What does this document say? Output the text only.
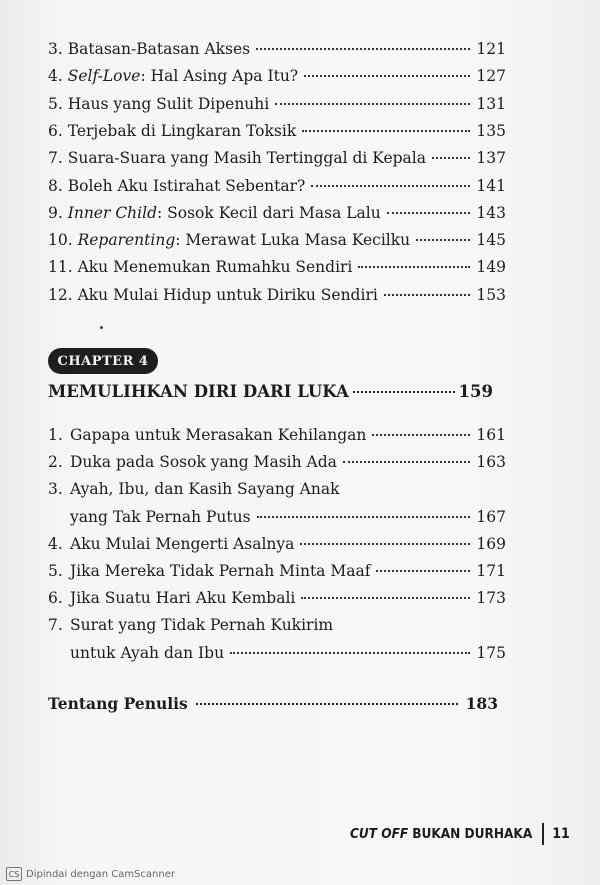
3. Batasan-Batasan Akses	121
4. Self-Love: Hal Asing Apa Itu?	127
5. Haus yang Sulit Dipenuhi	131
6. Terjebak di Lingkaran Toksik	135
7. Suara-Suara yang Masih Tertinggal di Kepala	137
8. Boleh Aku Istirahat Sebentar?	141
9. Inner Child: Sosok Kecil dari Masa Lalu	143
10. Reparenting: Merawat Luka Masa Kecilku	145
11. Aku Menemukan Rumahku Sendiri	149
12. Aku Mulai Hidup untuk Diriku Sendiri	153
CHAPTER 4
MEMULIHKAN DIRI DARI LUKA	159
1. Gapapa untuk Merasakan Kehilangan	161
2. Duka pada Sosok yang Masih Ada	163
3. Ayah, Ibu, dan Kasih Sayang Anak
yang Tak Pernah Putus	167
4. Aku Mulai Mengerti Asalnya	169
5. Jika Mereka Tidak Pernah Minta Maaf	171
6. Jika Suatu Hari Aku Kembali	173
7. Surat yang Tidak Pernah Kukirim
untuk Ayah dan Ibu	175
Tentang Penulis	183
CUT OFF BUKAN DURHAKA 11
CS Dipindai dengan CamScanner
